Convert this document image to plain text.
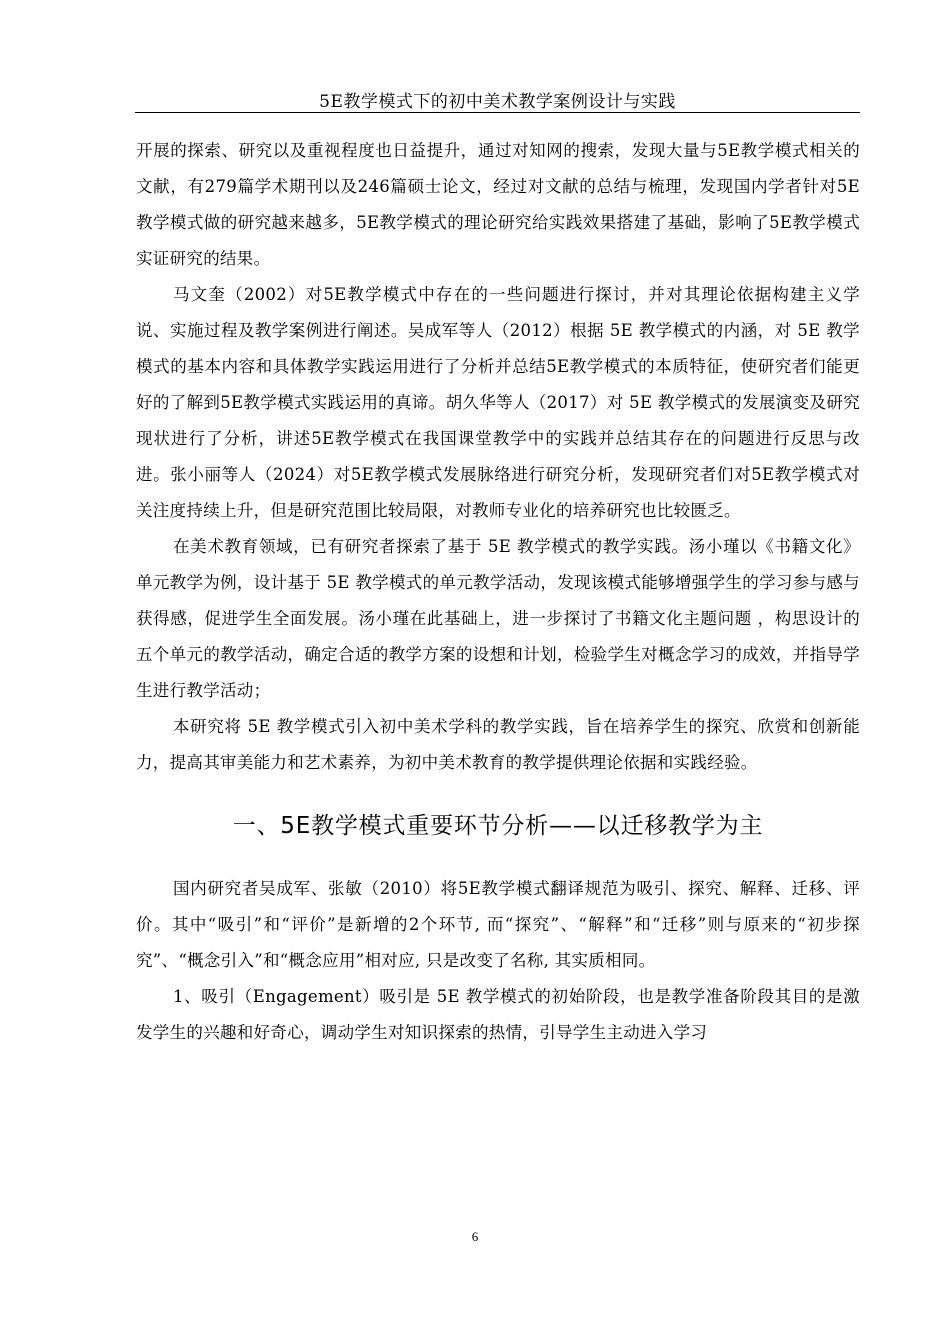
5E教学模式下的初中美术教学案例设计与实践

开展的探索、研究以及重视程度也日益提升，通过对知网的搜索，发现大量与5E教学模式相关的文献，有279篇学术期刊以及246篇硕士论文，经过对文献的总结与梳理，发现国内学者针对5E教学模式做的研究越来越多，5E教学模式的理论研究给实践效果搭建了基础，影响了5E教学模式实证研究的结果。

马文奎（2002）对5E教学模式中存在的一些问题进行探讨，并对其理论依据构建主义学说、实施过程及教学案例进行阐述。吴成军等人（2012）根据 5E 教学模式的内涵，对 5E 教学模式的基本内容和具体教学实践运用进行了分析并总结5E教学模式的本质特征，使研究者们能更好的了解到5E教学模式实践运用的真谛。胡久华等人（2017）对 5E 教学模式的发展演变及研究现状进行了分析，讲述5E教学模式在我国课堂教学中的实践并总结其存在的问题进行反思与改进。张小丽等人（2024）对5E教学模式发展脉络进行研究分析，发现研究者们对5E教学模式对关注度持续上升，但是研究范围比较局限，对教师专业化的培养研究也比较匮乏。

在美术教育领域，已有研究者探索了基于 5E 教学模式的教学实践。汤小瑾以《书籍文化》单元教学为例，设计基于 5E 教学模式的单元教学活动，发现该模式能够增强学生的学习参与感与获得感，促进学生全面发展。汤小瑾在此基础上，进一步探讨了书籍文化主题问题 ，构思设计的五个单元的教学活动，确定合适的教学方案的设想和计划，检验学生对概念学习的成效，并指导学生进行教学活动；

本研究将 5E 教学模式引入初中美术学科的教学实践，旨在培养学生的探究、欣赏和创新能力，提高其审美能力和艺术素养，为初中美术教育的教学提供理论依据和实践经验。

一、5E教学模式重要环节分析——以迁移教学为主

国内研究者吴成军、张敏（2010）将5E教学模式翻译规范为吸引、探究、解释、迁移、评价。其中“吸引”和“评价”是新增的2个环节, 而“探究”、“解释”和“迁移”则与原来的“初步探究”、“概念引入”和“概念应用”相对应, 只是改变了名称, 其实质相同。

1、吸引（Engagement）吸引是 5E 教学模式的初始阶段，也是教学准备阶段其目的是激发学生的兴趣和好奇心，调动学生对知识探索的热情，引导学生主动进入学习

6
